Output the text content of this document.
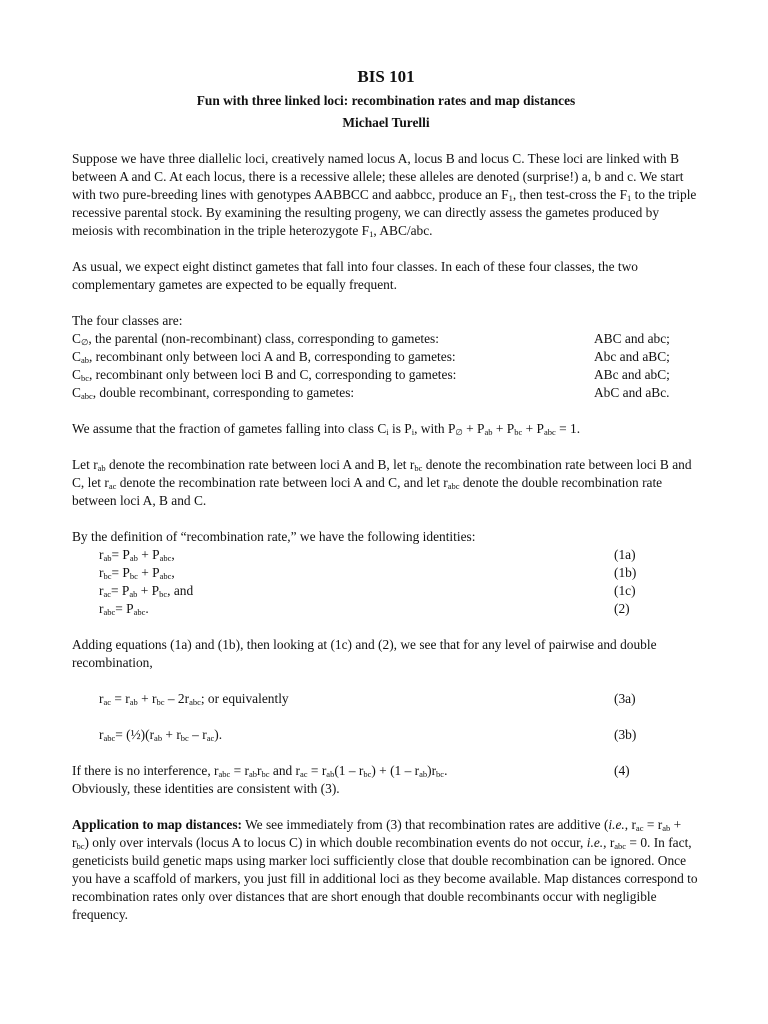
BIS 101
Fun with three linked loci: recombination rates and map distances
Michael Turelli

Suppose we have three diallelic loci, creatively named locus A, locus B and locus C. These loci are linked with B between A and C. At each locus, there is a recessive allele; these alleles are denoted (surprise!) a, b and c. We start with two pure-breeding lines with genotypes AABBCC and aabbcc, produce an $F_1$, then test-cross the $F_1$ to the triple recessive parental stock. By examining the resulting progeny, we can directly assess the gametes produced by meiosis with recombination in the triple heterozygote $F_1$, ABC/abc.

As usual, we expect eight distinct gametes that fall into four classes. In each of these four classes, the two complementary gametes are expected to be equally frequent.

The four classes are:
$C_\emptyset$, the parental (non-recombinant) class, corresponding to gametes:	ABC and abc;
$C_{ab}$, recombinant only between loci A and B, corresponding to gametes:	Abc and aBC;
$C_{bc}$, recombinant only between loci B and C, corresponding to gametes:	ABc and abC;
$C_{abc}$, double recombinant, corresponding to gametes:	AbC and aBc.

We assume that the fraction of gametes falling into class $C_i$ is $P_i$, with $P_\emptyset + P_{ab} + P_{bc} + P_{abc} = 1$.

Let $r_{ab}$ denote the recombination rate between loci A and B, let $r_{bc}$ denote the recombination rate between loci B and C, let $r_{ac}$ denote the recombination rate between loci A and C, and let $r_{abc}$ denote the double recombination rate between loci A, B and C.

By the definition of “recombination rate,” we have the following identities:
$r_{ab}= P_{ab} + P_{abc}$,	(1a)
$r_{bc}= P_{bc} + P_{abc}$,	(1b)
$r_{ac}= P_{ab} + P_{bc}$, and	(1c)
$r_{abc}= P_{abc}$.	(2)

Adding equations (1a) and (1b), then looking at (1c) and (2), we see that for any level of pairwise and double recombination,

$r_{ac} = r_{ab} + r_{bc} - 2r_{abc}$; or equivalently	(3a)
$r_{abc}=$ $(\frac{1}{2})(r_{ab} + r_{bc} - r_{ac})$.	(3b)
If there is no interference, $r_{abc} = r_{ab}r_{bc}$ and $r_{ac} = r_{ab}(1 - r_{bc}) + (1 - r_{ab})r_{bc}$.	(4)

Obviously, these identities are consistent with (3).

Application to map distances: We see immediately from (3) that recombination rates are additive (i.e., $r_{ac} = r_{ab} + r_{bc}$) only over intervals (locus A to locus C) in which double recombination events do not occur, i.e., $r_{abc} = 0$. In fact, geneticists build genetic maps using marker loci sufficiently close that double recombination can be ignored. Once you have a scaffold of markers, you just fill in additional loci as they become available. Map distances correspond to recombination rates only over distances that are short enough that double recombinants occur with negligible frequency.
